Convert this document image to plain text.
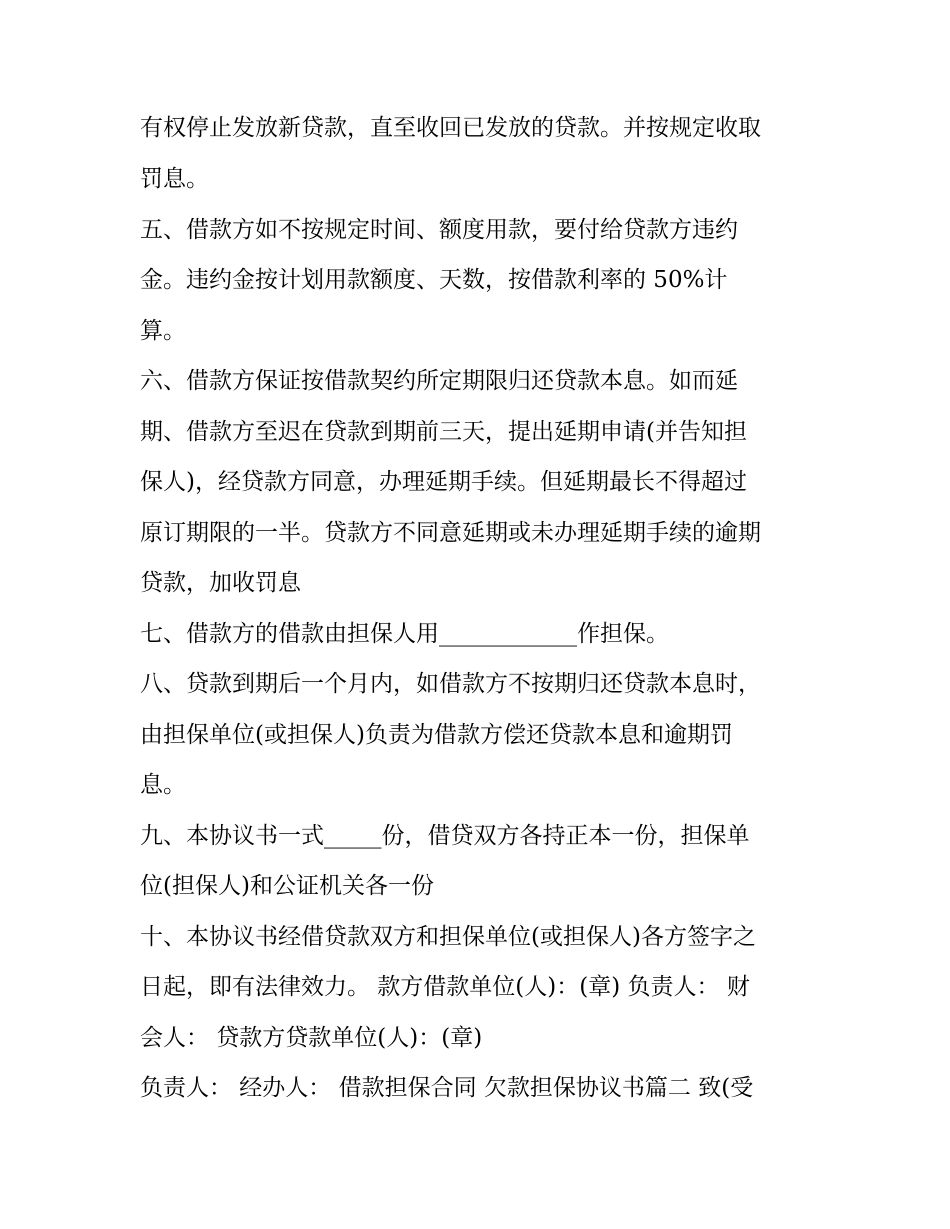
有权停止发放新贷款，直至收回已发放的贷款。并按规定收取
罚息。
五、借款方如不按规定时间、额度用款，要付给贷款方违约
金。违约金按计划用款额度、天数，按借款利率的 50%计
算。
六、借款方保证按借款契约所定期限归还贷款本息。如而延
期、借款方至迟在贷款到期前三天，提出延期申请(并告知担
保人)，经贷款方同意，办理延期手续。但延期最长不得超过
原订期限的一半。贷款方不同意延期或未办理延期手续的逾期
贷款，加收罚息
七、借款方的借款由担保人用____________作担保。
八、贷款到期后一个月内，如借款方不按期归还贷款本息时，
由担保单位(或担保人)负责为借款方偿还贷款本息和逾期罚
息。
九、本协议书一式_____份，借贷双方各持正本一份，担保单
位(担保人)和公证机关各一份
十、本协议书经借贷款双方和担保单位(或担保人)各方签字之
日起，即有法律效力。 款方借款单位(人)：(章) 负责人： 财
会人： 贷款方贷款单位(人)：(章)
负责人： 经办人： 借款担保合同 欠款担保协议书篇二 致(受
